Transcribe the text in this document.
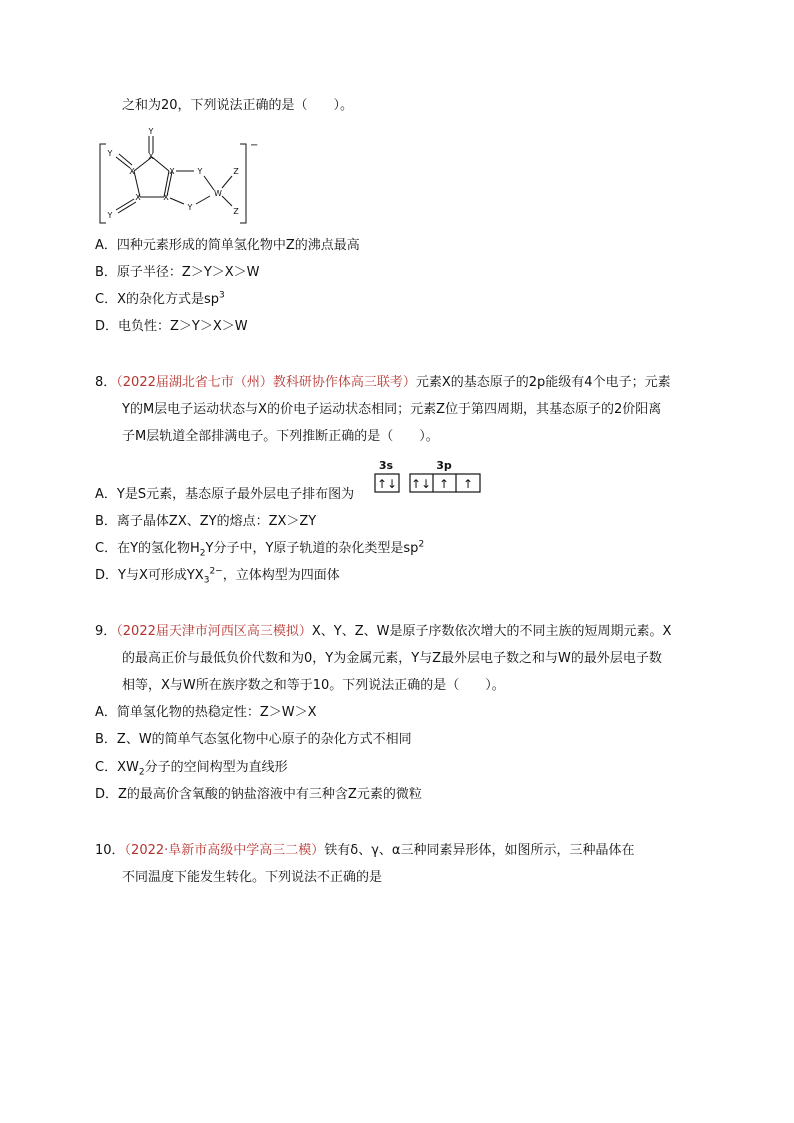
之和为20，下列说法正确的是（　　）。
Y
Y	X
X	X	Y
X	X
Y
W
Y
Z
Z
−
A．四种元素形成的简单氢化物中Z的沸点最高
B．原子半径：Z＞Y＞X＞W
C．X的杂化方式是$sp^3$
D．电负性：Z＞Y＞X＞W
8．（2022届湖北省七市（州）教科研协作体高三联考）元素X的基态原子的2p能级有4个电子；元素
Y的M层电子运动状态与X的价电子运动状态相同；元素Z位于第四周期，其基态原子的2价阳离
子M层轨道全部排满电子。下列推断正确的是（　　）。
A．Y是S元素，基态原子最外层电子排布图为
3s	3p
↑↓ ↑↓ ↑ ↑
B．离子晶体ZX、ZY的熔点：ZX＞ZY
C．在Y的氢化物$H_2Y$分子中，Y原子轨道的杂化类型是$sp^2$
D．Y与X可形成$YX_3^{2-}$，立体构型为四面体
9．（2022届天津市河西区高三模拟）X、Y、Z、W是原子序数依次增大的不同主族的短周期元素。X
的最高正价与最低负价代数和为0，Y为金属元素，Y与Z最外层电子数之和与W的最外层电子数
相等，X与W所在族序数之和等于10。下列说法正确的是（　　）。
A．简单氢化物的热稳定性：Z＞W＞X
B．Z、W的简单气态氢化物中心原子的杂化方式不相同
C．$XW_2$分子的空间构型为直线形
D．Z的最高价含氧酸的钠盐溶液中有三种含Z元素的微粒
10．（2022·阜新市高级中学高三二模）铁有δ、γ、α三种同素异形体，如图所示，三种晶体在
不同温度下能发生转化。下列说法不正确的是
